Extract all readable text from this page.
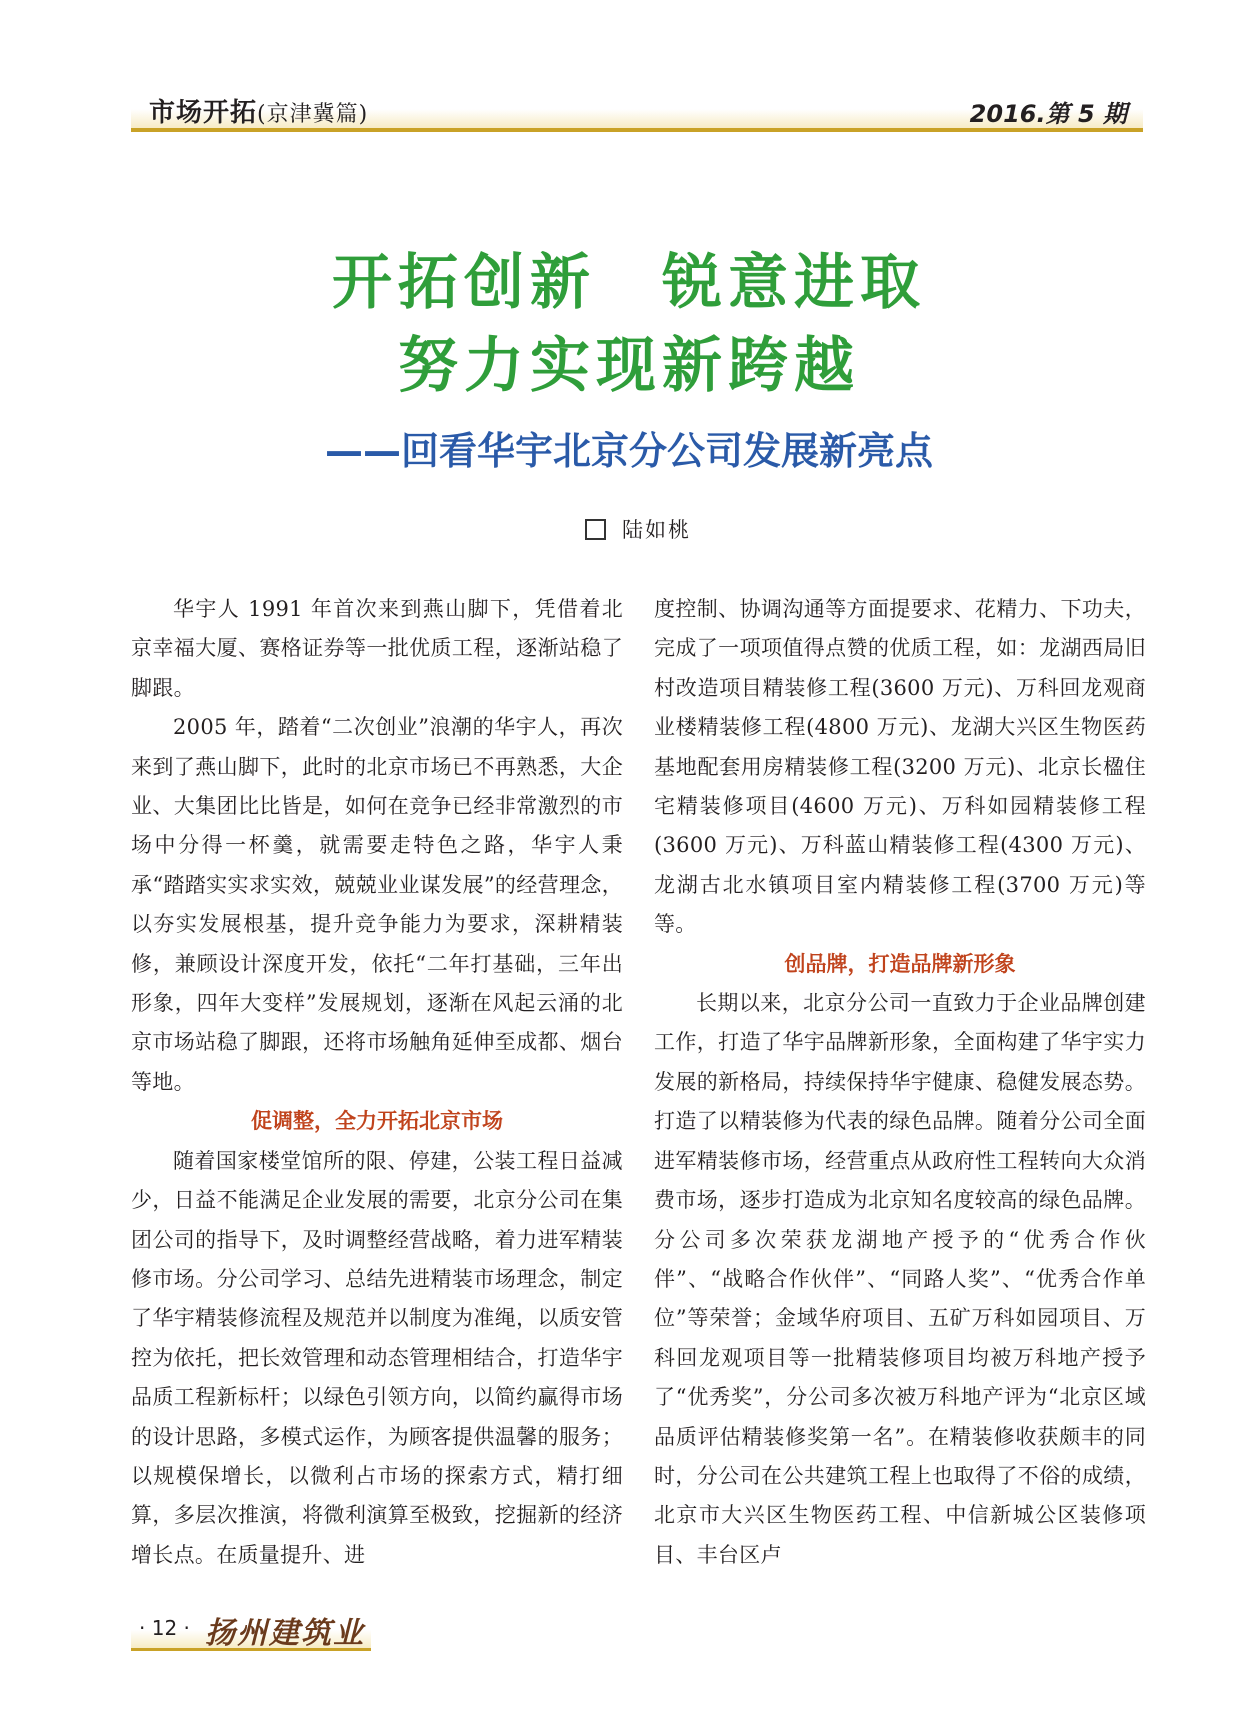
市场开拓(京津冀篇)	2016.第 5 期
开拓创新　锐意进取
努力实现新跨越
——回看华宇北京分公司发展新亮点
陆如桃

华宇人 1991 年首次来到燕山脚下，凭借着北京幸福大厦、赛格证券等一批优质工程，逐渐站稳了脚跟。

2005 年，踏着“二次创业”浪潮的华宇人，再次来到了燕山脚下，此时的北京市场已不再熟悉，大企业、大集团比比皆是，如何在竞争已经非常激烈的市场中分得一杯羹，就需要走特色之路，华宇人秉承“踏踏实实求实效，兢兢业业谋发展”的经营理念，以夯实发展根基，提升竞争能力为要求，深耕精装修，兼顾设计深度开发，依托“二年打基础，三年出形象，四年大变样”发展规划，逐渐在风起云涌的北京市场站稳了脚跟，还将市场触角延伸至成都、烟台等地。

促调整，全力开拓北京市场

随着国家楼堂馆所的限、停建，公装工程日益减少，日益不能满足企业发展的需要，北京分公司在集团公司的指导下，及时调整经营战略，着力进军精装修市场。分公司学习、总结先进精装市场理念，制定了华宇精装修流程及规范并以制度为准绳，以质安管控为依托，把长效管理和动态管理相结合，打造华宇品质工程新标杆；以绿色引领方向，以简约赢得市场的设计思路，多模式运作，为顾客提供温馨的服务；以规模保增长，以微利占市场的探索方式，精打细算，多层次推演，将微利演算至极致，挖掘新的经济增长点。在质量提升、进

度控制、协调沟通等方面提要求、花精力、下功夫，完成了一项项值得点赞的优质工程，如：龙湖西局旧村改造项目精装修工程(3600 万元)、万科回龙观商业楼精装修工程(4800 万元)、龙湖大兴区生物医药基地配套用房精装修工程(3200 万元)、北京长楹住宅精装修项目(4600 万元)、万科如园精装修工程 (3600 万元)、万科蓝山精装修工程(4300 万元)、龙湖古北水镇项目室内精装修工程(3700 万元)等等。

创品牌，打造品牌新形象

长期以来，北京分公司一直致力于企业品牌创建工作，打造了华宇品牌新形象，全面构建了华宇实力发展的新格局，持续保持华宇健康、稳健发展态势。打造了以精装修为代表的绿色品牌。随着分公司全面进军精装修市场，经营重点从政府性工程转向大众消费市场，逐步打造成为北京知名度较高的绿色品牌。分公司多次荣获龙湖地产授予的“优秀合作伙伴”、“战略合作伙伴”、“同路人奖”、“优秀合作单位”等荣誉；金域华府项目、五矿万科如园项目、万科回龙观项目等一批精装修项目均被万科地产授予了“优秀奖”，分公司多次被万科地产评为“北京区域品质评估精装修奖第一名”。在精装修收获颇丰的同时，分公司在公共建筑工程上也取得了不俗的成绩，北京市大兴区生物医药工程、中信新城公区装修项目、丰台区卢

· 12 · 扬州建筑业
